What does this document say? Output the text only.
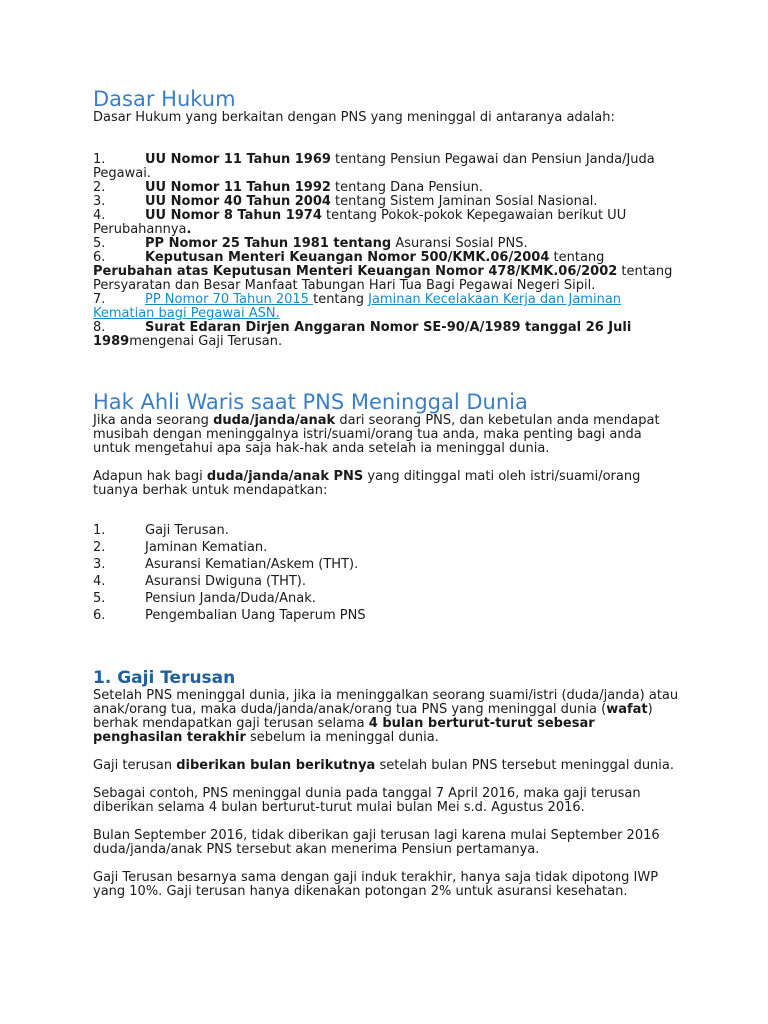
Dasar Hukum

Dasar Hukum yang berkaitan dengan PNS yang meninggal di antaranya adalah:

1.	UU Nomor 11 Tahun 1969 tentang Pensiun Pegawai dan Pensiun Janda/Juda Pegawai.

2.	UU Nomor 11 Tahun 1992 tentang Dana Pensiun.

3.	UU Nomor 40 Tahun 2004 tentang Sistem Jaminan Sosial Nasional.

4.	UU Nomor 8 Tahun 1974 tentang Pokok-pokok Kepegawaian berikut UU Perubahannya.

5.	PP Nomor 25 Tahun 1981 tentang Asuransi Sosial PNS.

6.	Keputusan Menteri Keuangan Nomor 500/KMK.06/2004 tentang Perubahan atas Keputusan Menteri Keuangan Nomor 478/KMK.06/2002 tentang Persyaratan dan Besar Manfaat Tabungan Hari Tua Bagi Pegawai Negeri Sipil.

7.	PP Nomor 70 Tahun 2015 tentang Jaminan Kecelakaan Kerja dan Jaminan Kematian bagi Pegawai ASN.

8.	Surat Edaran Dirjen Anggaran Nomor SE-90/A/1989 tanggal 26 Juli 1989mengenai Gaji Terusan.

Hak Ahli Waris saat PNS Meninggal Dunia

Jika anda seorang duda/janda/anak dari seorang PNS, dan kebetulan anda mendapat musibah dengan meninggalnya istri/suami/orang tua anda, maka penting bagi anda untuk mengetahui apa saja hak-hak anda setelah ia meninggal dunia.

Adapun hak bagi duda/janda/anak PNS yang ditinggal mati oleh istri/suami/orang tuanya berhak untuk mendapatkan:

1.	Gaji Terusan.
2.	Jaminan Kematian.
3.	Asuransi Kematian/Askem (THT).
4.	Asuransi Dwiguna (THT).
5.	Pensiun Janda/Duda/Anak.
6.	Pengembalian Uang Taperum PNS
1. Gaji Terusan

Setelah PNS meninggal dunia, jika ia meninggalkan seorang suami/istri (duda/janda) atau anak/orang tua, maka duda/janda/anak/orang tua PNS yang meninggal dunia (wafat) berhak mendapatkan gaji terusan selama 4 bulan berturut-turut sebesar penghasilan terakhir sebelum ia meninggal dunia.

Gaji terusan diberikan bulan berikutnya setelah bulan PNS tersebut meninggal dunia.

Sebagai contoh, PNS meninggal dunia pada tanggal 7 April 2016, maka gaji terusan diberikan selama 4 bulan berturut-turut mulai bulan Mei s.d. Agustus 2016.

Bulan September 2016, tidak diberikan gaji terusan lagi karena mulai September 2016 duda/janda/anak PNS tersebut akan menerima Pensiun pertamanya.

Gaji Terusan besarnya sama dengan gaji induk terakhir, hanya saja tidak dipotong IWP yang 10%. Gaji terusan hanya dikenakan potongan 2% untuk asuransi kesehatan.
